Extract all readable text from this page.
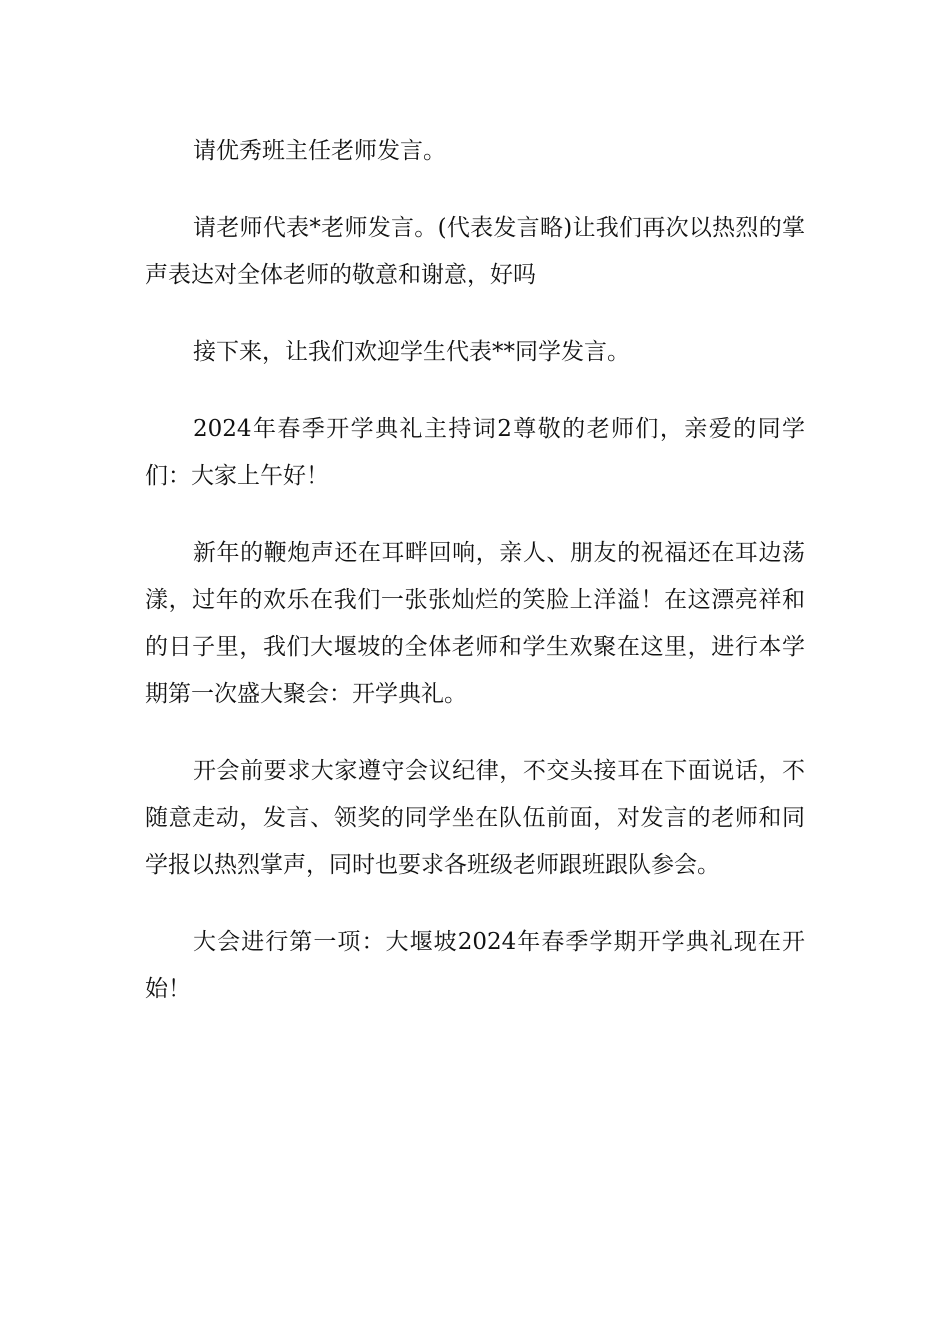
请优秀班主任老师发言。

请老师代表*老师发言。(代表发言略)让我们再次以热烈的掌声表达对全体老师的敬意和谢意，好吗

接下来，让我们欢迎学生代表**同学发言。

2024年春季开学典礼主持词2尊敬的老师们，亲爱的同学们：大家上午好！

新年的鞭炮声还在耳畔回响，亲人、朋友的祝福还在耳边荡漾，过年的欢乐在我们一张张灿烂的笑脸上洋溢！在这漂亮祥和的日子里，我们大堰坡的全体老师和学生欢聚在这里，进行本学期第一次盛大聚会：开学典礼。

开会前要求大家遵守会议纪律，不交头接耳在下面说话，不随意走动，发言、领奖的同学坐在队伍前面，对发言的老师和同学报以热烈掌声，同时也要求各班级老师跟班跟队参会。

大会进行第一项：大堰坡2024年春季学期开学典礼现在开始！
